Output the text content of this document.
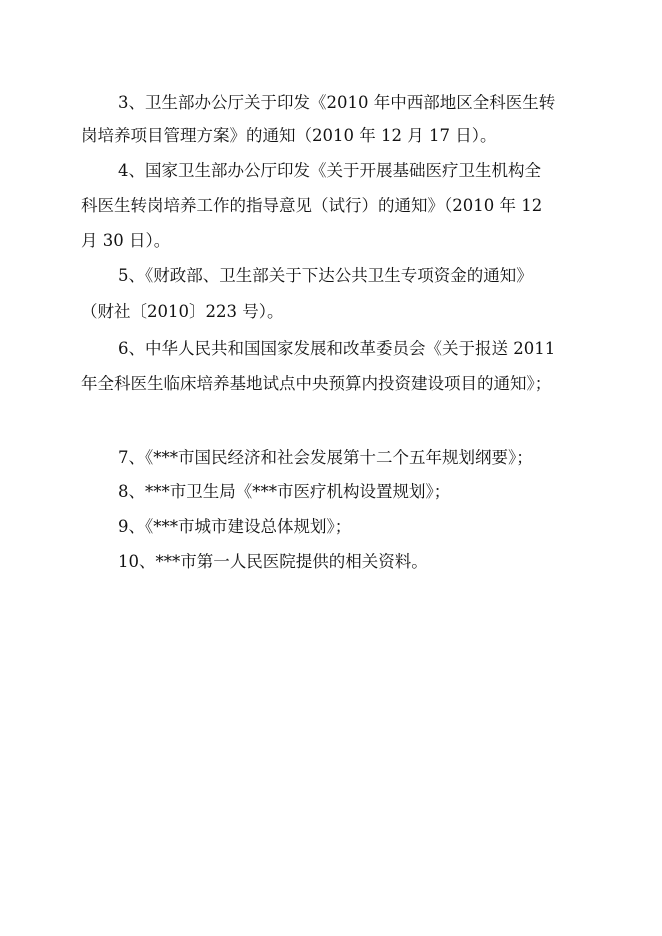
3、卫生部办公厅关于印发《2010 年中西部地区全科医生转
岗培养项目管理方案》的通知（2010 年 12 月 17 日）。
4、国家卫生部办公厅印发《关于开展基础医疗卫生机构全
科医生转岗培养工作的指导意见（试行）的通知》（2010 年 12
月 30 日）。
5、《财政部、卫生部关于下达公共卫生专项资金的通知》
（财社〔2010〕223 号）。
6、中华人民共和国国家发展和改革委员会《关于报送 2011
年全科医生临床培养基地试点中央预算内投资建设项目的通知》；
7、《***市国民经济和社会发展第十二个五年规划纲要》；
8、***市卫生局《***市医疗机构设置规划》；
9、《***市城市建设总体规划》；
10、***市第一人民医院提供的相关资料。
